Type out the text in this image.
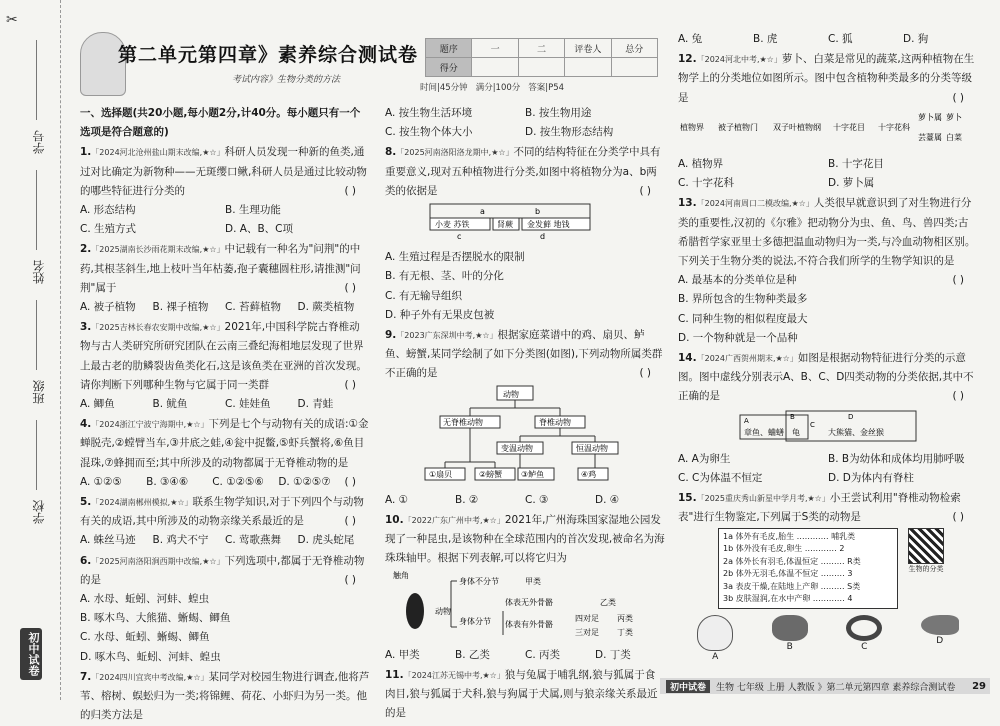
✂
学号
姓名
班级
学校
初中试卷
第二单元第四章》素养综合测试卷
考试内容》生物分类的方法
题序	一	二	评卷人	总分
得分				
时间|45分钟 满分|100分 答案|P54

一、选择题(共20小题,每小题2分,计40分。每小题只有一个选项是符合题意的)

1.「2024河北沧州盐山期末改编,★☆」科研人员发现一种新的鱼类,通过对比确定为新物种——无斑缨口鳅,科研人员是通过比较动物的哪些特征进行分类的	( )
A. 形态结构	B. 生理功能
C. 生殖方式	D. A、B、C项
2.「2025湖南长沙雨花期末改编,★☆」中记载有一种名为"问荆"的中药,其根茎斜生,地上枝叶当年枯萎,孢子囊穗圆柱形,请推测"问荆"属于	( )
A. 被子植物	B. 裸子植物	C. 苔藓植物	D. 蕨类植物
3.「2025吉林长春农安期中改编,★☆」2021年,中国科学院古脊椎动物与古人类研究所研究团队在云南三叠纪海相地层发现了世界上最古老的肋鳞裂齿鱼类化石,这是该鱼类在亚洲的首次发现。请你判断下列哪种生物与它属于同一类群	( )
A. 鲫鱼	B. 鱿鱼	C. 娃娃鱼	D. 青蛙
4.「2024浙江宁波宁海期中,★☆」下列是七个与动物有关的成语:①金蝉脱壳,②螳臂当车,③井底之蛙,④瓮中捉鳖,⑤虾兵蟹将,⑥鱼目混珠,⑦蜂拥而至;其中所涉及的动物都属于无脊椎动物的是
( )
A. ①②⑤	B. ③④⑥	C. ①②⑤⑥	D. ①②⑤⑦
5.「2024湖南郴州模拟,★☆」联系生物学知识,对于下列四个与动物有关的成语,其中所涉及的动物亲缘关系最近的是	( )
A. 蛛丝马迹	B. 鸡犬不宁	C. 莺歌燕舞	D. 虎头蛇尾
6.「2025河南洛阳涧西期中改编,★☆」下列选项中,都属于无脊椎动物的是	( )

A. 水母、蚯蚓、河蚌、蝗虫

B. 啄木鸟、大熊猫、蜥蜴、鲫鱼

C. 水母、蚯蚓、蜥蜴、鲫鱼

D. 啄木鸟、蚯蚓、河蚌、蝗虫

7.「2024四川宜宾中考改编,★☆」某同学对校园生物进行调查,他将芦苇、榕树、蜈蚣归为一类;将锦鲤、荷花、小虾归为另一类。他的归类方法是
A. 按生物生活环境	B. 按生物用途
C. 按生物个体大小	D. 按生物形态结构
8.「2025河南洛阳洛龙期中,★☆」不同的结构特征在分类学中具有重要意义,现对五种植物进行分类,如图中将植物分为a、b两类的依据是	( )

a	b
小麦 苏铁	肾蕨 金发藓 地钱
c	d

A. 生殖过程是否摆脱水的限制

B. 有无根、茎、叶的分化

C. 有无输导组织

D. 种子外有无果皮包被

9.「2023广东深圳中考,★☆」根据家庭菜谱中的鸡、扇贝、鲈鱼、螃蟹,某同学绘制了如下分类图(如图),下列动物所属类群不正确的是	( )

动物
无脊椎动物	脊椎动物
变温动物	恒温动物
①扇贝	②螃蟹 ③鲈鱼	④鸡
A. ①	B. ②	C. ③	D. ④
10.「2022广东广州中考,★☆」2021年,广州海珠国家湿地公园发现了一种昆虫,是该物种在全球范围内的首次发现,被命名为海珠珠轴甲。根据下列表解,可以将它归为
触角
动物
身体不分节	甲类
身体分节
体表无外骨骼	乙类
体表有外骨骼
四对足 丙类
三对足 丁类
A. 甲类	B. 乙类	C. 丙类	D. 丁类
11.「2024江苏无锡中考,★☆」狼与兔属于哺乳纲,狼与狐属于食肉目,狼与狐属于犬科,狼与狗属于犬属,则与狼亲缘关系最近的是
A. 兔	B. 虎	C. 狐	D. 狗
12.「2024河北中考,★☆」萝卜、白菜是常见的蔬菜,这两种植物在生物学上的分类地位如图所示。图中包含植物种类最多的分类等级是	( )

植物界 被子植物门 双子叶植物纲 十字花目 十字花科
萝卜属 萝卜
芸薹属 白菜
A. 植物界	B. 十字花目
C. 十字花科	D. 萝卜属
13.「2024河南周口二模改编,★☆」人类很早就意识到了对生物进行分类的重要性,汉初的《尔雅》把动物分为虫、鱼、鸟、兽四类;古希腊哲学家亚里士多德把温血动物归为一类,与冷血动物相区别。下列关于生物分类的说法,不符合我们所学的生物学知识的是
( )

A. 最基本的分类单位是种

B. 界所包含的生物种类最多

C. 同种生物的相似程度最大

D. 一个物种就是一个品种

14.「2024广西贺州期末,★☆」如图是根据动物特征进行分类的示意图。图中虚线分别表示A、B、C、D四类动物的分类依据,其中不正确的是	( )

A	B
C
D
章鱼、蛐蟮 龟	大熊猫、金丝猴
A. A为卵生	B. B为幼体和成体均用肺呼吸
C. C为体温不恒定	D. D为体内有脊柱
15.「2025重庆秀山新星中学月考,★☆」小王尝试利用"脊椎动物检索表"进行生物鉴定,下列属于S类的动物是	( )
1a 体外有毛皮,胎生 ………… 哺乳类
1b 体外没有毛皮,卵生 ………… 2
2a 体外长有羽毛,体温恒定 ……… R类
2b 体外无羽毛,体温不恒定 ……… 3
3a 表皮干燥,在陆地上产卵 ……… S类
3b 皮肤湿润,在水中产卵 ………… 4
生物的分类
A
B	C
D
初中试卷	生物 七年级 上册 人教版 》第二单元第四章 素养综合测试卷 29
